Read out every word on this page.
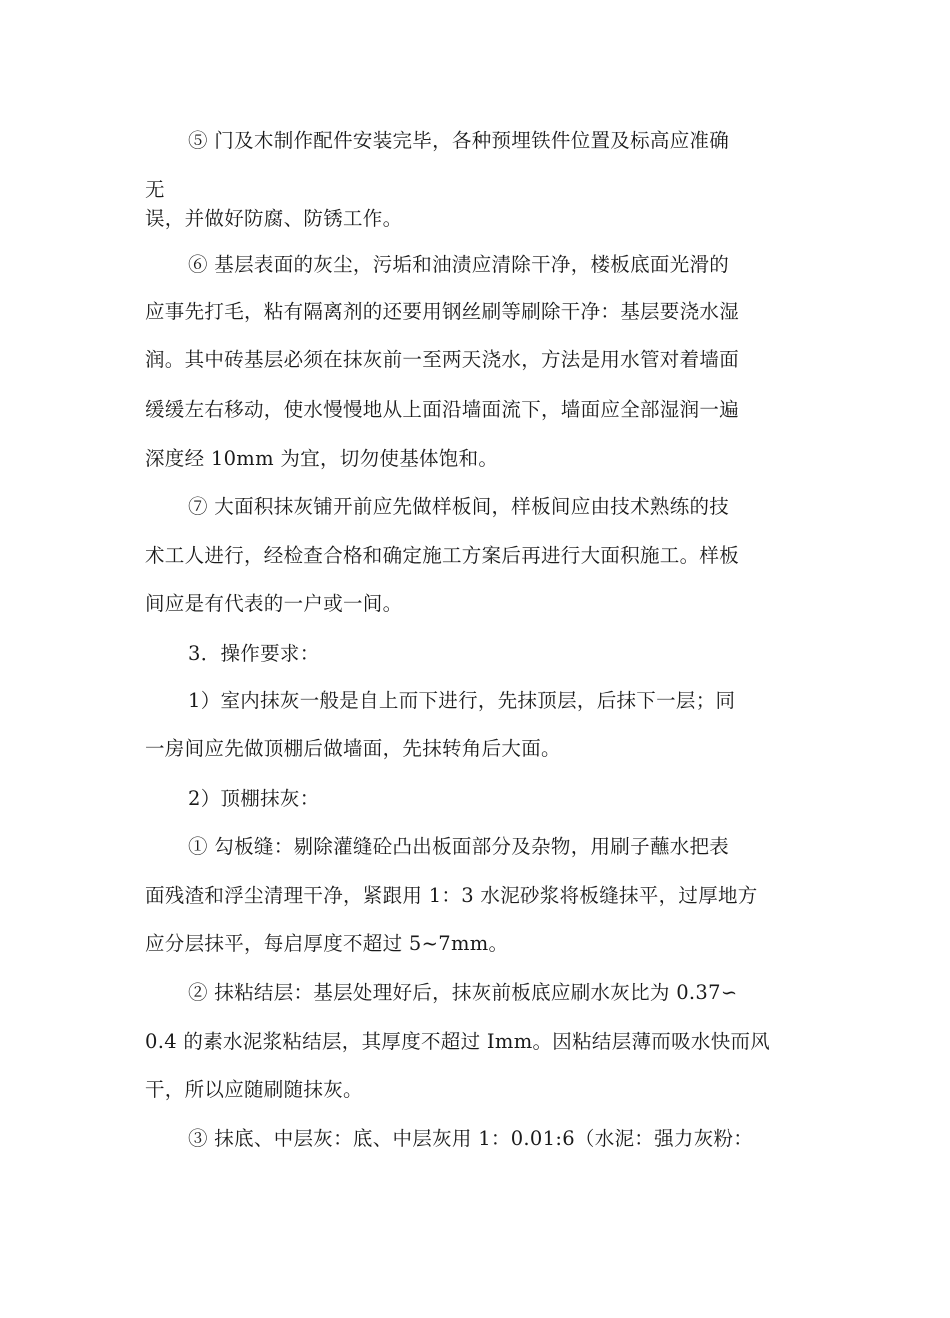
⑤ 门及木制作配件安装完毕，各种预埋铁件位置及标高应准确
无
误，并做好防腐、防锈工作。
⑥ 基层表面的灰尘，污垢和油渍应清除干净，楼板底面光滑的
应事先打毛，粘有隔离剂的还要用钢丝刷等刷除干净：基层要浇水湿
润。其中砖基层必须在抹灰前一至两天浇水，方法是用水管对着墙面
缓缓左右移动，使水慢慢地从上面沿墙面流下，墙面应全部湿润一遍
深度经 10mm 为宜，切勿使基体饱和。
⑦ 大面积抹灰铺开前应先做样板间，样板间应由技术熟练的技
术工人进行，经检查合格和确定施工方案后再进行大面积施工。样板
间应是有代表的一户或一间。
3．操作要求：
1）室内抹灰一般是自上而下进行，先抹顶层，后抹下一层；同
一房间应先做顶棚后做墙面，先抹转角后大面。
2）顶棚抹灰：
① 勾板缝：剔除灌缝砼凸出板面部分及杂物，用刷子蘸水把表
面残渣和浮尘清理干净，紧跟用 1：3 水泥砂浆将板缝抹平，过厚地方
应分层抹平，每启厚度不超过 5~7mm。
② 抹粘结层：基层处理好后，抹灰前板底应刷水灰比为 0.37∽
0.4 的素水泥浆粘结层，其厚度不超过 Imm。因粘结层薄而吸水快而风
干，所以应随刷随抹灰。
③ 抹底、中层灰：底、中层灰用 1：0.01:6（水泥：强力灰粉：
